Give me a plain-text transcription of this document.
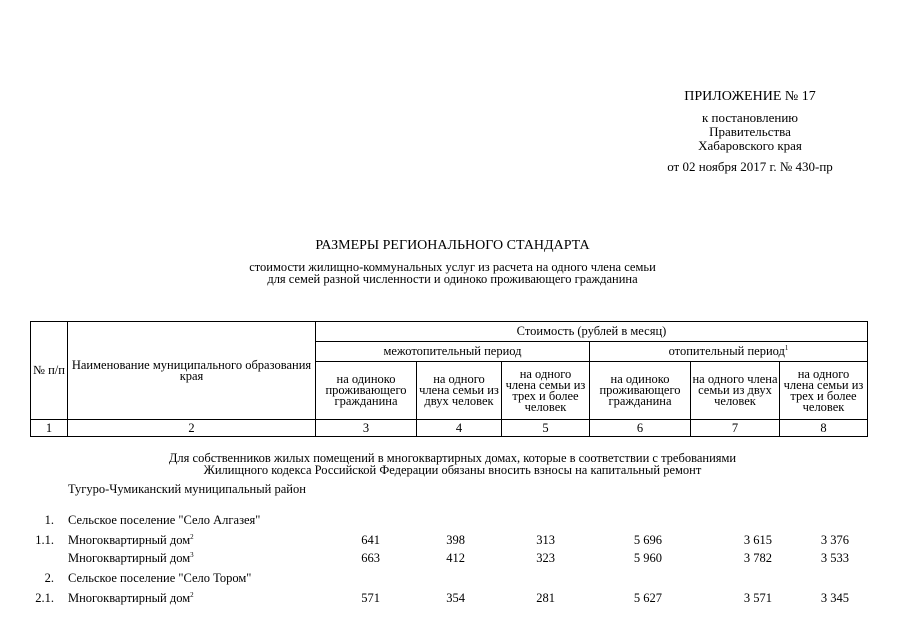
ПРИЛОЖЕНИЕ № 17
к постановлению
Правительства
Хабаровского края
от 02 ноября 2017 г. № 430-пр
РАЗМЕРЫ РЕГИОНАЛЬНОГО СТАНДАРТА
стоимости жилищно-коммунальных услуг из расчета на одного члена семьи
для семей разной численности и одиноко проживающего гражданина
№ п/п	Наименование муниципального образования края	Стоимость (рублей в месяц)					
		межотопительный период			отопительный период$^1$
		на одиноко проживающего гражданина	на одного члена семьи из двух человек	на одного члена семьи из трех и более человек	на одиноко проживающего гражданина	на одного члена семьи из двух человек	на одного члена семьи из трех и более человек
1	2	3	4	5	6	7	8
Для собственников жилых помещений в многоквартирных домах, которые в соответствии с требованиями
Жилищного кодекса Российской Федерации обязаны вносить взносы на капитальный ремонт
Тугуро-Чумиканский муниципальный район
1. Сельское поселение "Село Алгазея"
1.1. Многоквартирный дом$^2$	641	398	313	5 696	3 615	3 376
Многоквартирный дом$^3$	663	412	323	5 960	3 782	3 533
2. Сельское поселение "Село Тором"
2.1. Многоквартирный дом$^2$	571	354	281	5 627	3 571	3 345
